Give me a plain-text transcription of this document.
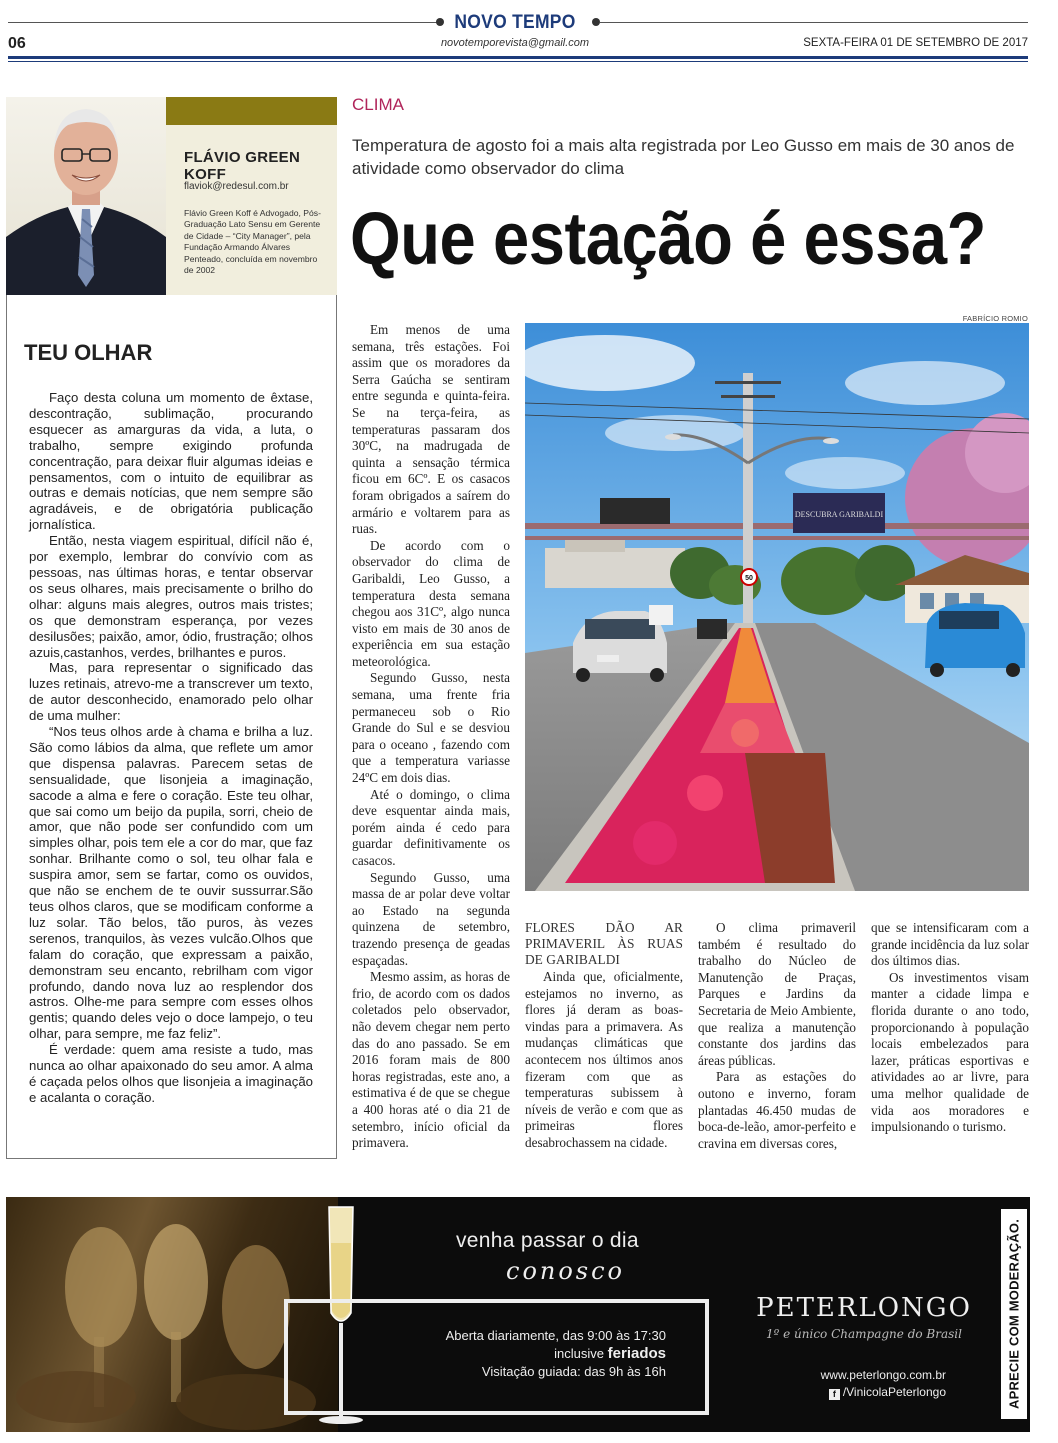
NOVO TEMPO
novotemporevista@gmail.com
06	SEXTA-FEIRA 01 DE SETEMBRO DE 2017
FLÁVIO GREEN KOFF
flaviok@redesul.com.br
Flávio Green Koff é Advogado, Pós-Graduação Lato Sensu em Gerente de Cidade – “City Manager”, pela Fundação Armando Álvares Penteado, concluída em novembro de 2002
TEU OLHAR

Faço desta coluna um momento de êxtase, descontração, sublimação, procurando esquecer as amarguras da vida, a luta, o trabalho, sempre exigindo profunda concentração, para deixar fluir algumas ideias e pensamentos, com o intuito de equilibrar as outras e demais notícias, que nem sempre são agradáveis, e de obrigatória publicação jornalística.

Então, nesta viagem espiritual, difícil não é, por exemplo, lembrar do convívio com as pessoas, nas últimas horas, e tentar observar os seus olhares, mais precisamente o brilho do olhar: alguns mais alegres, outros mais tristes; os que demonstram esperança, por vezes desilusões; paixão, amor, ódio, frustração; olhos azuis,castanhos, verdes, brilhantes e puros.

Mas, para representar o significado das luzes retinais, atrevo-me a transcrever um texto, de autor desconhecido, enamorado pelo olhar de uma mulher:

“Nos teus olhos arde à chama e brilha a luz. São como lábios da alma, que reflete um amor que dispensa palavras. Parecem setas de sensualidade, que lisonjeia a imaginação, sacode a alma e fere o coração. Este teu olhar, que sai como um beijo da pupila, sorri, cheio de amor, que não pode ser confundido com um simples olhar, pois tem ele a cor do mar, que faz sonhar. Brilhante como o sol, teu olhar fala e suspira amor, sem se fartar, como os ouvidos, que não se enchem de te ouvir sussurrar.São teus olhos claros, que se modificam conforme a luz solar. Tão belos, tão puros, às vezes serenos, tranquilos, às vezes vulcão.Olhos que falam do coração, que expressam a paixão, demonstram seu encanto, rebrilham com vigor profundo, dando nova luz ao resplendor dos astros. Olhe-me para sempre com esses olhos gentis; quando deles vejo o doce lampejo, o teu olhar, para sempre, me faz feliz”.

É verdade: quem ama resiste a tudo, mas nunca ao olhar apaixonado do seu amor. A alma é caçada pelos olhos que lisonjeia a imaginação e acalanta o coração.

CLIMA
Temperatura de agosto foi a mais alta registrada por Leo Gusso em mais de 30 anos de atividade como observador do clima
Que estação é essa?

Em menos de uma semana, três estações. Foi assim que os moradores da Serra Gaúcha se sentiram entre segunda e quinta-feira. Se na terça-feira, as temperaturas passaram dos 30ºC, na madrugada de quinta a sensação térmica ficou em 6Cº. E os casacos foram obrigados a saírem do armário e voltarem para as ruas.

De acordo com o observador do clima de Garibaldi, Leo Gusso, a temperatura desta semana chegou aos 31Cº, algo nunca visto em mais de 30 anos de experiência em sua estação meteorológica.

Segundo Gusso, nesta semana, uma frente fria permaneceu sob o Rio Grande do Sul e se desviou para o oceano , fazendo com que a temperatura variasse 24ºC em dois dias.

Até o domingo, o clima deve esquentar ainda mais, porém ainda é cedo para guardar definitivamente os casacos.

Segundo Gusso, uma massa de ar polar deve voltar ao Estado na segunda quinzena de setembro, trazendo presença de geadas espaçadas.

Mesmo assim, as horas de frio, de acordo com os dados coletados pelo observador, não devem chegar nem perto das do ano passado. Se em 2016 foram mais de 800 horas registradas, este ano, a estimativa é de que se chegue a 400 horas até o dia 21 de setembro, início oficial da primavera.

FABRÍCIO ROMIO
DESCUBRA GARIBALDI
50

FLORES DÃO AR PRIMAVERIL ÀS RUAS DE GARIBALDI

Ainda que, oficialmente, estejamos no inverno, as flores já deram as boas-vindas para a primavera. As mudanças climáticas que acontecem nos últimos anos fizeram com que as temperaturas subissem à níveis de verão e com que as primeiras flores desabrochassem na cidade.

O clima primaveril também é resultado do trabalho do Núcleo de Manutenção de Praças, Parques e Jardins da Secretaria de Meio Ambiente, que realiza a manutenção constante dos jardins das áreas públicas.

Para as estações do outono e inverno, foram plantadas 46.450 mudas de boca-de-leão, amor-perfeito e cravina em diversas cores,

que se intensificaram com a grande incidência da luz solar dos últimos dias.

Os investimentos visam manter a cidade limpa e florida durante o ano todo, proporcionando à população locais embelezados para lazer, práticas esportivas e atividades ao ar livre, para uma melhor qualidade de vida aos moradores e impulsionando o turismo.

venha passar o dia
conosco
Aberta diariamente, das 9:00 às 17:30
inclusive feriados
Visitação guiada: das 9h às 16h
PETERLONGO
1º e único Champagne do Brasil
www.peterlongo.com.br
f /VinicolaPeterlongo	APRECIE COM MODERAÇÃO.
